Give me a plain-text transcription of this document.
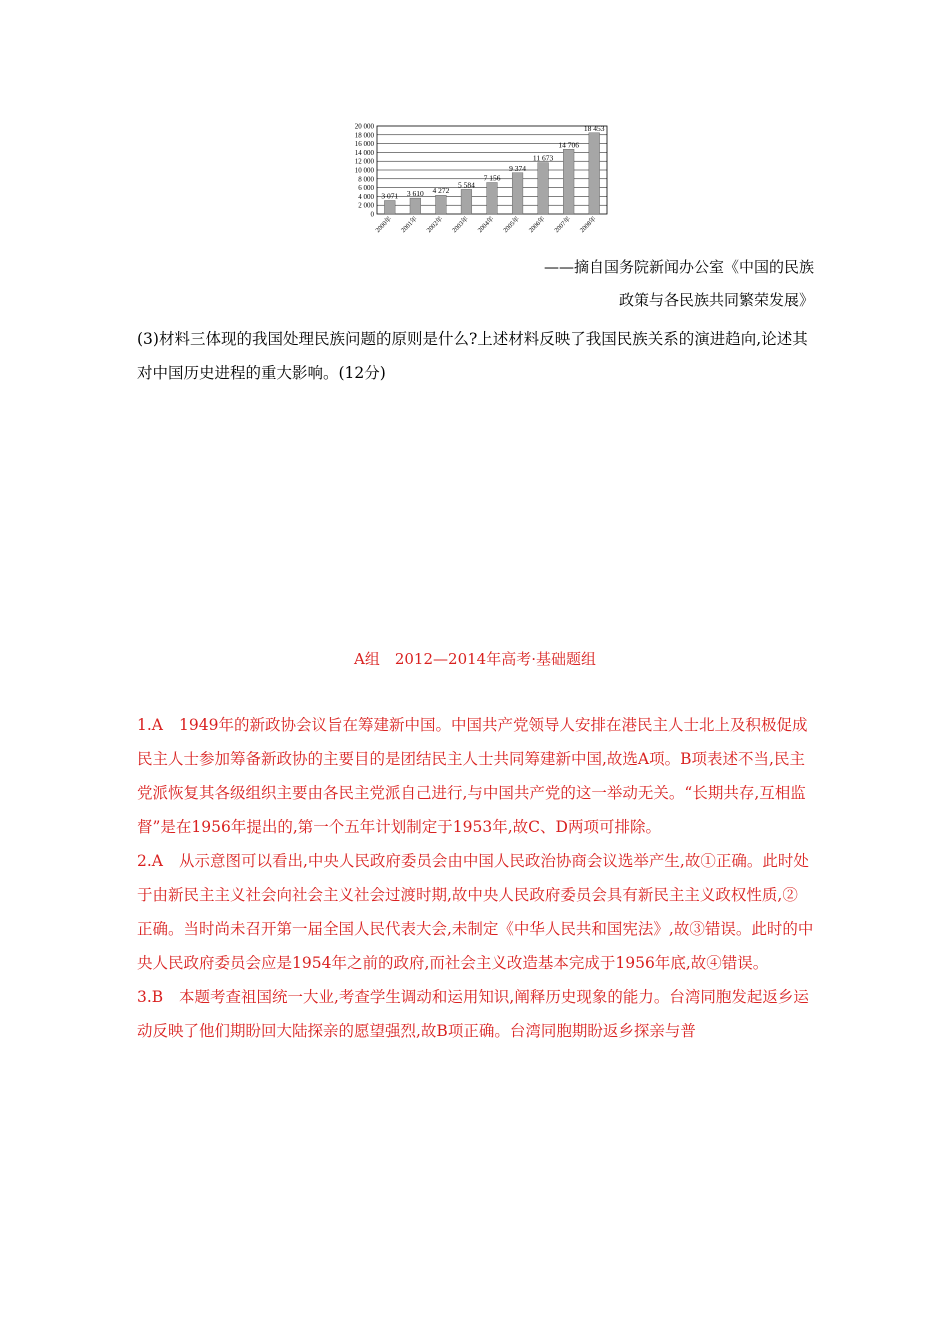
20 000
18 000
16 000
14 000
12 000
10 000
8 000
6 000
4 000
2 000
0
3 071
2000年
3 610
2001年
4 272
2002年
5 584
2003年
7 156
2004年
9 374
2005年
11 673
2006年
14 706
2007年
18 453
2008年
——摘自国务院新闻办公室《中国的民族
政策与各民族共同繁荣发展》
(3)材料三体现的我国处理民族问题的原则是什么?上述材料反映了我国民族关系的演进趋向,论述其对中国历史进程的重大影响。(12分)
A组　2012—2014年高考·基础题组

1.A 1949年的新政协会议旨在筹建新中国。中国共产党领导人安排在港民主人士北上及积极促成民主人士参加筹备新政协的主要目的是团结民主人士共同筹建新中国,故选A项。B项表述不当,民主党派恢复其各级组织主要由各民主党派自己进行,与中国共产党的这一举动无关。“长期共存,互相监督”是在1956年提出的,第一个五年计划制定于1953年,故C、D两项可排除。

2.A 从示意图可以看出,中央人民政府委员会由中国人民政治协商会议选举产生,故①正确。此时处于由新民主主义社会向社会主义社会过渡时期,故中央人民政府委员会具有新民主主义政权性质,② 正确。当时尚未召开第一届全国人民代表大会,未制定《中华人民共和国宪法》,故③错误。此时的中央人民政府委员会应是1954年之前的政府,而社会主义改造基本完成于1956年底,故④错误。

3.B 本题考查祖国统一大业,考查学生调动和运用知识,阐释历史现象的能力。台湾同胞发起返乡运动反映了他们期盼回大陆探亲的愿望强烈,故B项正确。台湾同胞期盼返乡探亲与普
